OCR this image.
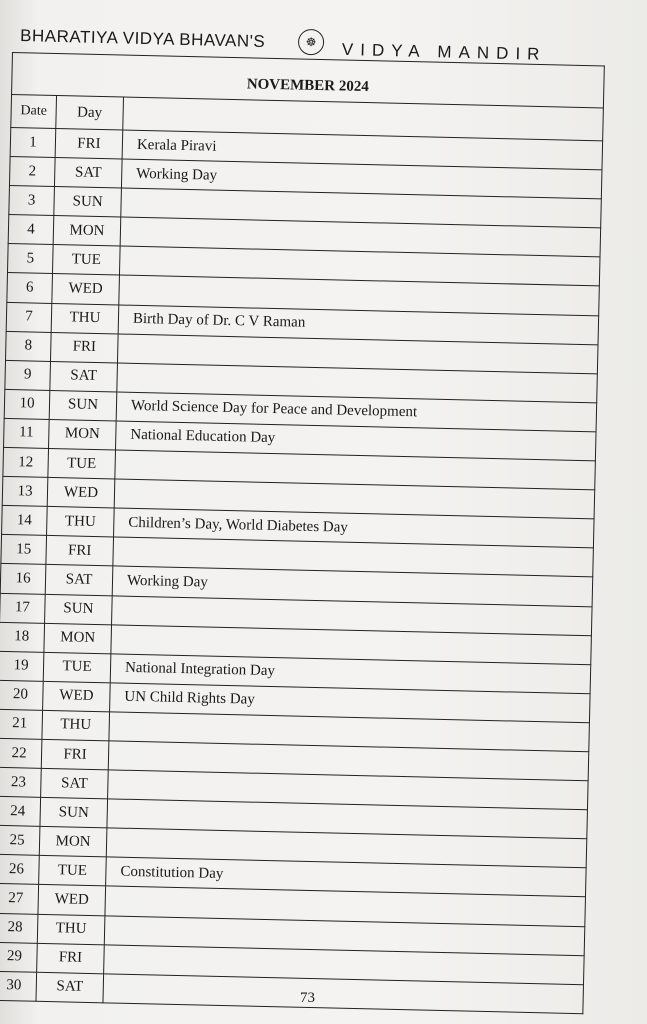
BHARATIYA VIDYA BHAVAN'S	☸	VIDYA MANDIR
NOVEMBER 2024
Date	Day	
1	FRI	Kerala Piravi
2	SAT	Working Day
3	SUN	
4	MON	
5	TUE	
6	WED	
7	THU	Birth Day of Dr. C V Raman
8	FRI	
9	SAT	
10	SUN	World Science Day for Peace and Development
11	MON	National Education Day
12	TUE	
13	WED	
14	THU	Children’s Day, World Diabetes Day
15	FRI	
16	SAT	Working Day
17	SUN	
18	MON	
19	TUE	National Integration Day
20	WED	UN Child Rights Day
21	THU	
22	FRI	
23	SAT	
24	SUN	
25	MON	
26	TUE	Constitution Day
27	WED	
28	THU	
29	FRI	
30	SAT	
73
